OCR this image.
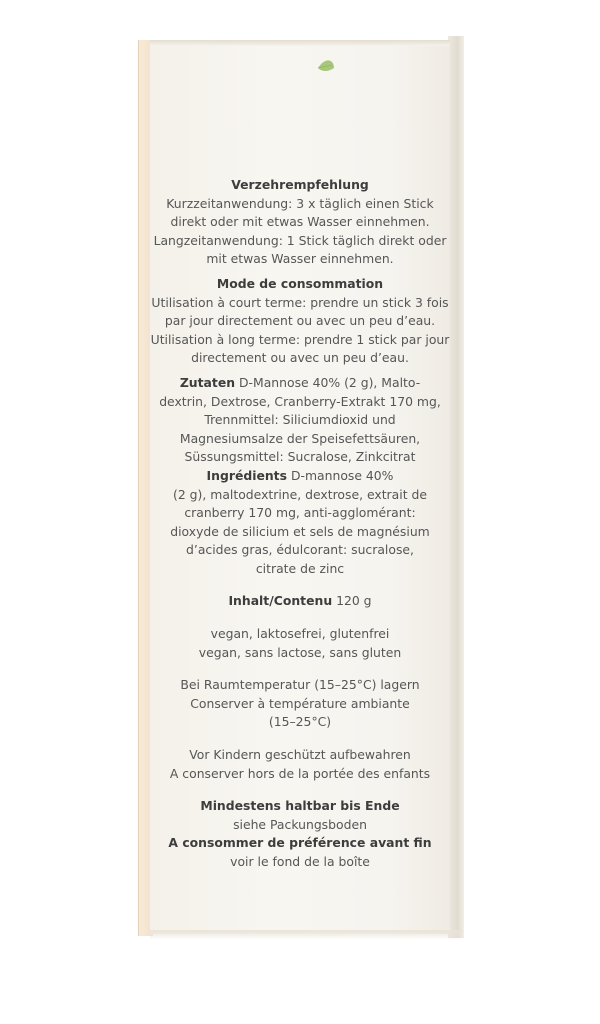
Verzehrempfehlung

Kurzzeitanwendung: 3 x täglich einen Stick

direkt oder mit etwas Wasser einnehmen.

Langzeitanwendung: 1 Stick täglich direkt oder

mit etwas Wasser einnehmen.

Mode de consommation

Utilisation à court terme: prendre un stick 3 fois

par jour directement ou avec un peu d’eau.

Utilisation à long terme: prendre 1 stick par jour

directement ou avec un peu d’eau.

Zutaten D-Mannose 40% (2 g), Malto-

dextrin, Dextrose, Cranberry-Extrakt 170 mg,

Trennmittel: Siliciumdioxid und

Magnesiumsalze der Speisefettsäuren,

Süssungsmittel: Sucralose, Zinkcitrat

Ingrédients D-mannose 40%

(2 g), maltodextrine, dextrose, extrait de

cranberry 170 mg, anti-agglomérant:

dioxyde de silicium et sels de magnésium

d’acides gras, édulcorant: sucralose,

citrate de zinc

Inhalt/Contenu 120 g

vegan, laktosefrei, glutenfrei

vegan, sans lactose, sans gluten

Bei Raumtemperatur (15–25°C) lagern

Conserver à température ambiante

(15–25°C)

Vor Kindern geschützt aufbewahren

A conserver hors de la portée des enfants

Mindestens haltbar bis Ende

siehe Packungsboden

A consommer de préférence avant fin

voir le fond de la boîte
